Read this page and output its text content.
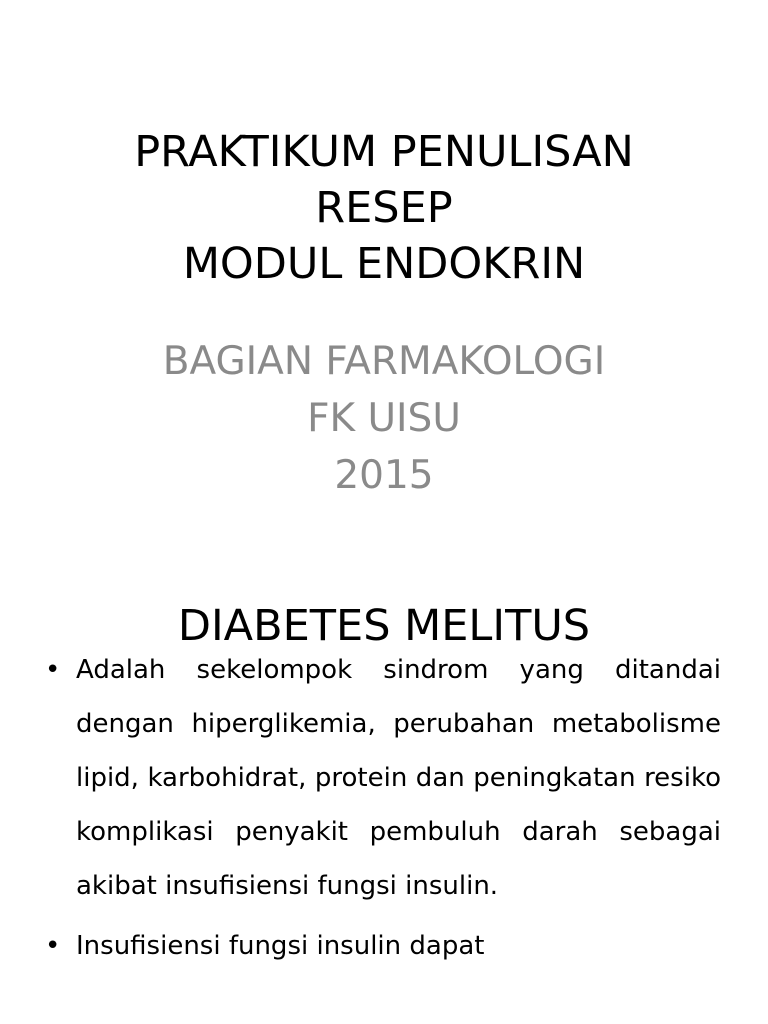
PRAKTIKUM PENULISAN
RESEP
MODUL ENDOKRIN
BAGIAN FARMAKOLOGI
FK UISU
2015
DIABETES MELITUS
• Adalah sekelompok sindrom yang ditandai dengan hiperglikemia, perubahan metabolisme lipid, karbohidrat, protein dan peningkatan resiko komplikasi penyakit pembuluh darah sebagai akibat insufisiensi fungsi insulin.
• Insufisiensi fungsi insulin dapat
